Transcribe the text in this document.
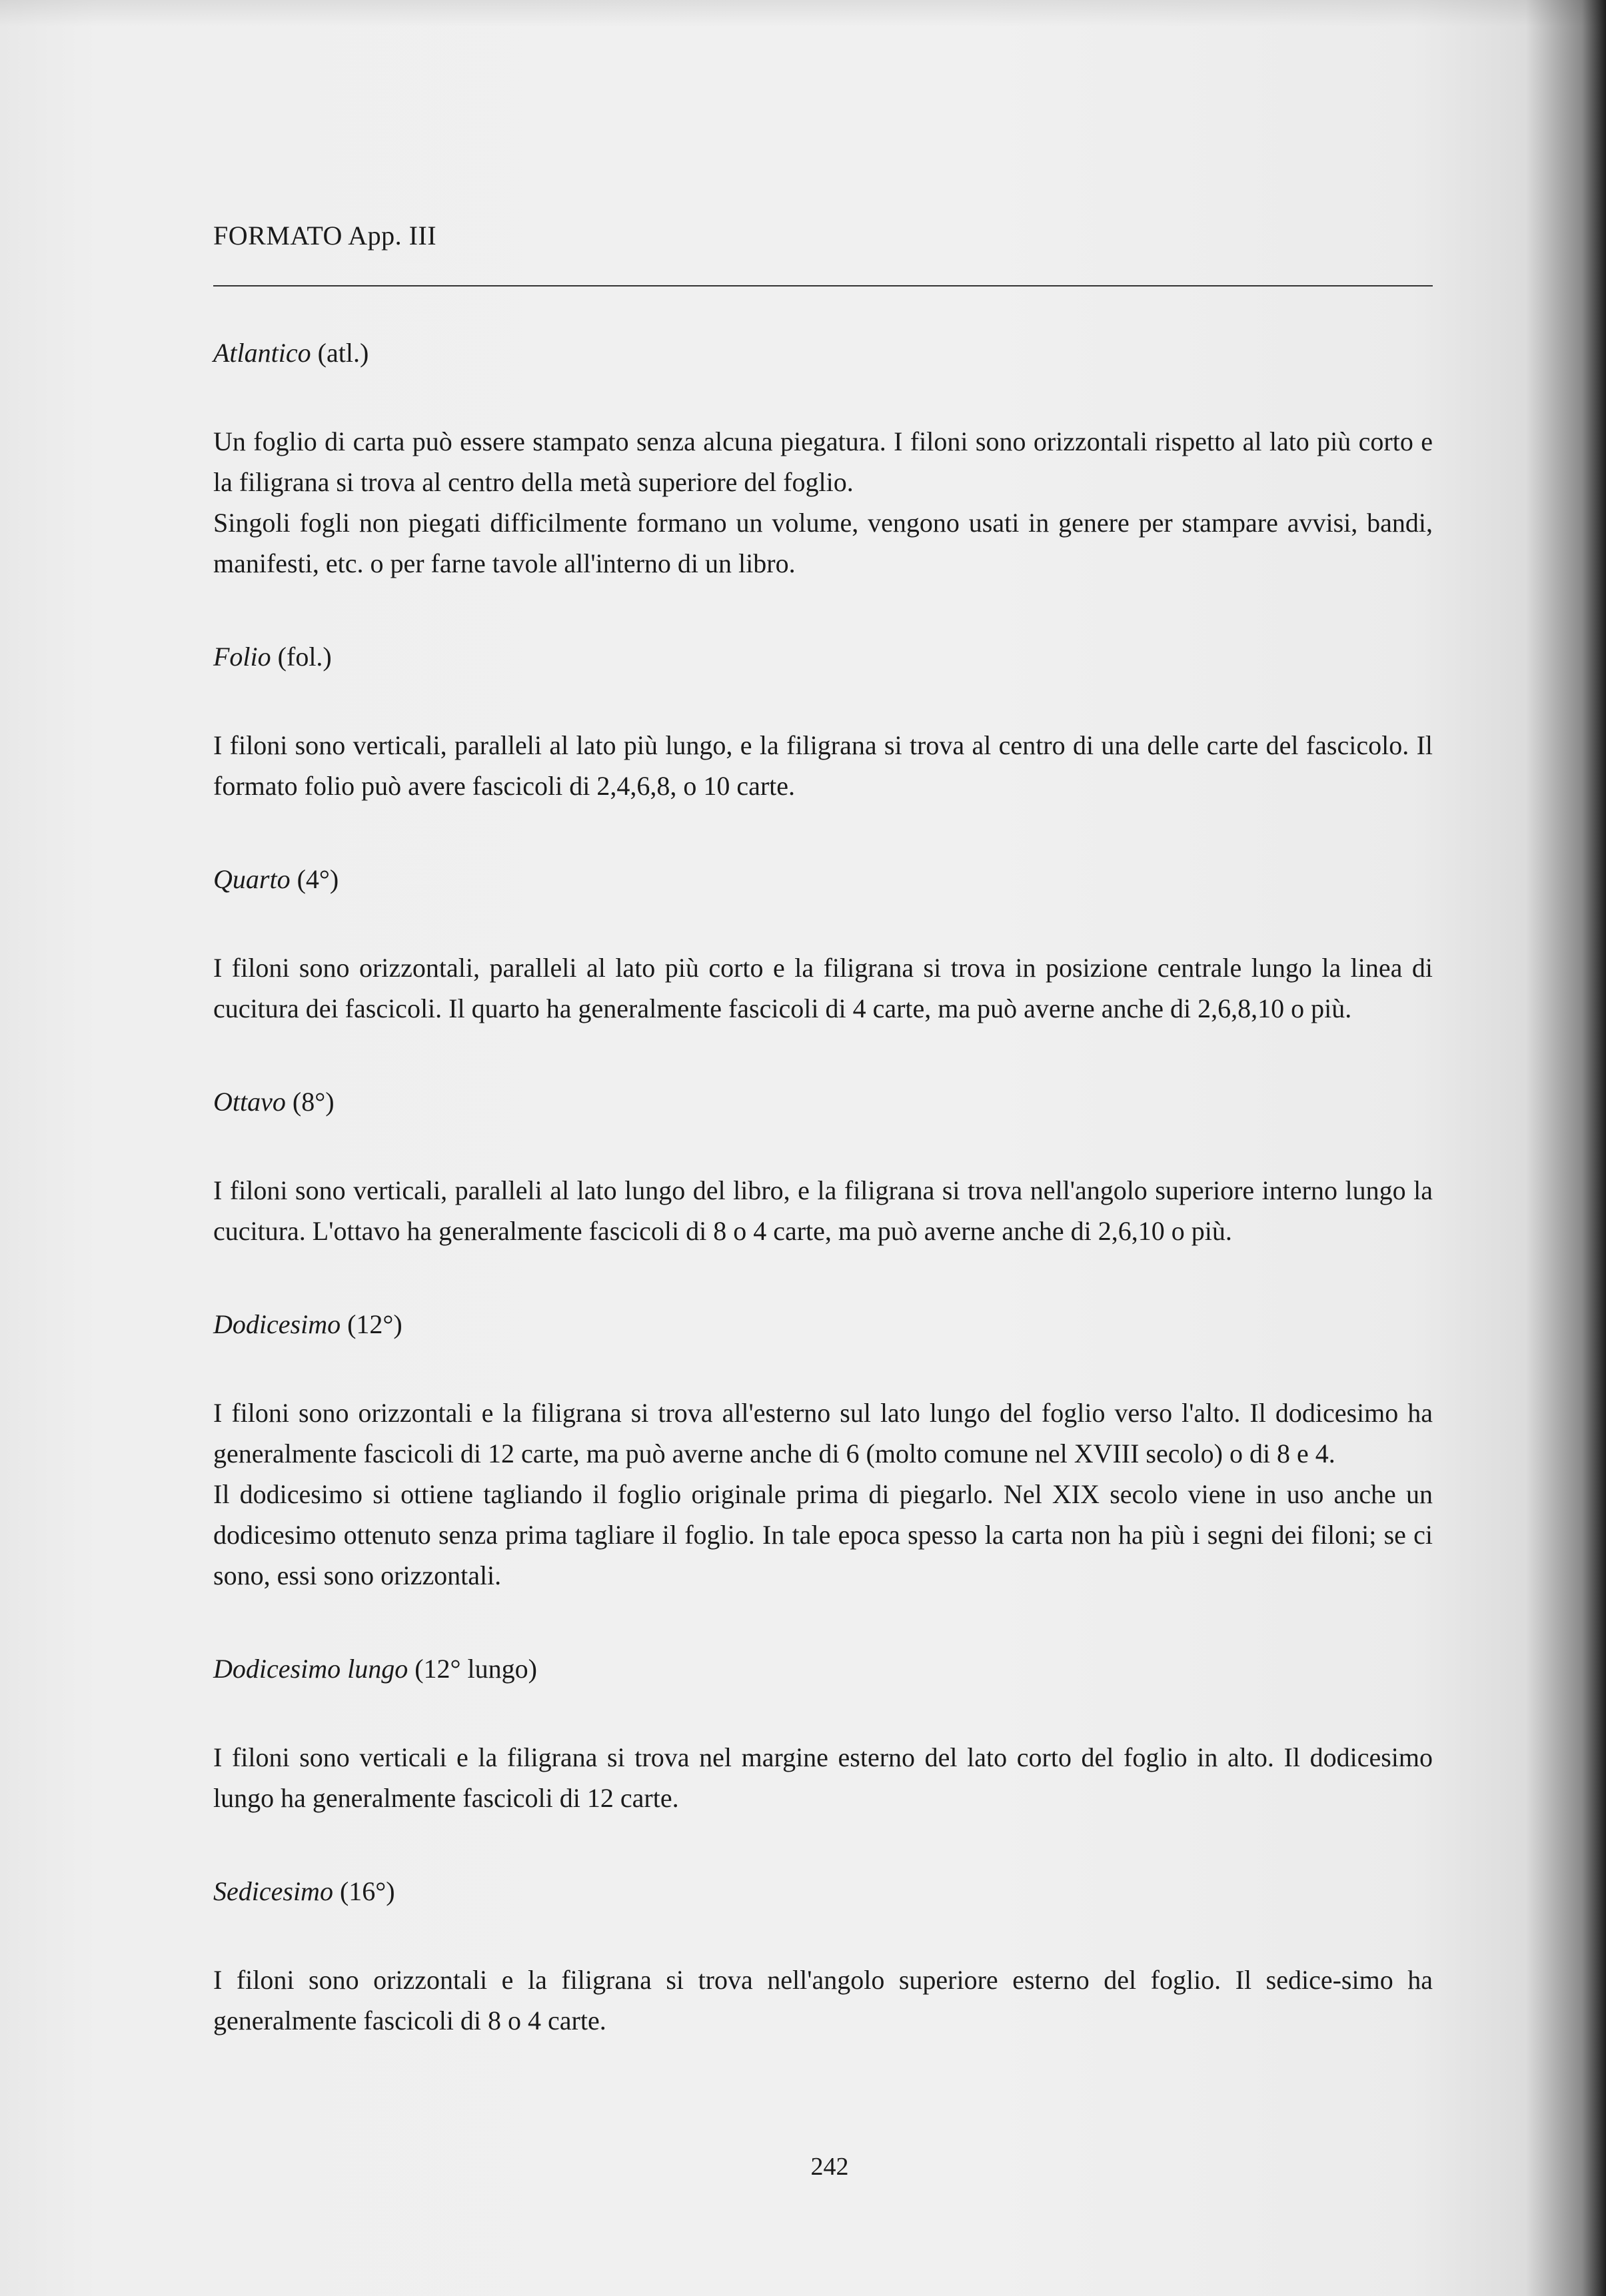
FORMATO App. III
Atlantico (atl.)
Un foglio di carta può essere stampato senza alcuna piegatura. I filoni sono orizzontali rispetto al lato più corto e la filigrana si trova al centro della metà superiore del foglio.
Singoli fogli non piegati difficilmente formano un volume, vengono usati in genere per stampare avvisi, bandi, manifesti, etc. o per farne tavole all'interno di un libro.
Folio (fol.)
I filoni sono verticali, paralleli al lato più lungo, e la filigrana si trova al centro di una delle carte del fascicolo. Il formato folio può avere fascicoli di 2,4,6,8, o 10 carte.
Quarto (4°)
I filoni sono orizzontali, paralleli al lato più corto e la filigrana si trova in posizione centrale lungo la linea di cucitura dei fascicoli. Il quarto ha generalmente fascicoli di 4 carte, ma può averne anche di 2,6,8,10 o più.
Ottavo (8°)
I filoni sono verticali, paralleli al lato lungo del libro, e la filigrana si trova nell'angolo superiore interno lungo la cucitura. L'ottavo ha generalmente fascicoli di 8 o 4 carte, ma può averne anche di 2,6,10 o più.
Dodicesimo (12°)
I filoni sono orizzontali e la filigrana si trova all'esterno sul lato lungo del foglio verso l'alto. Il dodicesimo ha generalmente fascicoli di 12 carte, ma può averne anche di 6 (molto comune nel XVIII secolo) o di 8 e 4.
Il dodicesimo si ottiene tagliando il foglio originale prima di piegarlo. Nel XIX secolo viene in uso anche un dodicesimo ottenuto senza prima tagliare il foglio. In tale epoca spesso la carta non ha più i segni dei filoni; se ci sono, essi sono orizzontali.
Dodicesimo lungo (12° lungo)
I filoni sono verticali e la filigrana si trova nel margine esterno del lato corto del foglio in alto. Il dodicesimo lungo ha generalmente fascicoli di 12 carte.
Sedicesimo (16°)
I filoni sono orizzontali e la filigrana si trova nell'angolo superiore esterno del foglio. Il sedice-simo ha generalmente fascicoli di 8 o 4 carte.
242
